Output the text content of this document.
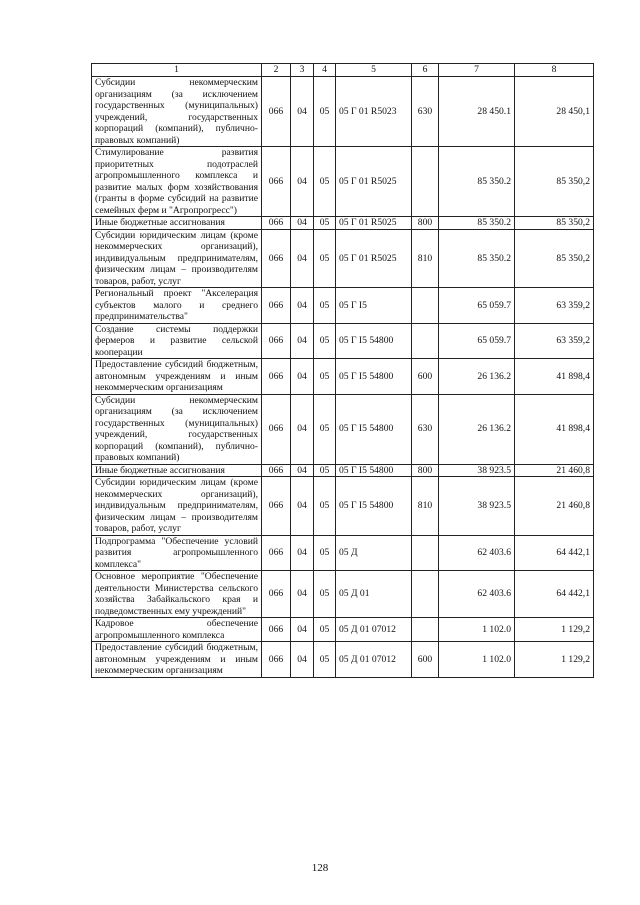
1	2	3	4	5	6	7	8
Субсидии некоммерческим организациям (за исключением государственных (муниципальных) учреждений, государственных корпораций (компаний), публично-правовых компаний)	066	04	05	05 Г 01 R5023	630	28 450.1	28 450,1
Стимулирование развития приоритетных подотраслей агропромышленного комплекса и развитие малых форм хозяйствования (гранты в форме субсидий на развитие семейных ферм и "Агропрогресс")	066	04	05	05 Г 01 R5025		85 350.2	85 350,2
Иные бюджетные ассигнования	066	04	05	05 Г 01 R5025	800	85 350.2	85 350,2
Субсидии юридическим лицам (кроме некоммерческих организаций), индивидуальным предпринимателям, физическим лицам – производителям товаров, работ, услуг	066	04	05	05 Г 01 R5025	810	85 350.2	85 350,2
Региональный проект "Акселерация субъектов малого и среднего предпринимательства"	066	04	05	05 Г I5		65 059.7	63 359,2
Создание системы поддержки фермеров и развитие сельской кооперации	066	04	05	05 Г I5 54800		65 059.7	63 359,2
Предоставление субсидий бюджетным, автономным учреждениям и иным некоммерческим организациям	066	04	05	05 Г I5 54800	600	26 136.2	41 898,4
Субсидии некоммерческим организациям (за исключением государственных (муниципальных) учреждений, государственных корпораций (компаний), публично-правовых компаний)	066	04	05	05 Г I5 54800	630	26 136.2	41 898,4
Иные бюджетные ассигнования	066	04	05	05 Г I5 54800	800	38 923.5	21 460,8
Субсидии юридическим лицам (кроме некоммерческих организаций), индивидуальным предпринимателям, физическим лицам – производителям товаров, работ, услуг	066	04	05	05 Г I5 54800	810	38 923.5	21 460,8
Подпрограмма "Обеспечение условий развития агропромышленного комплекса"	066	04	05	05 Д		62 403.6	64 442,1
Основное мероприятие "Обеспечение деятельности Министерства сельского хозяйства Забайкальского края и подведомственных ему учреждений"	066	04	05	05 Д 01		62 403.6	64 442,1
Кадровое обеспечение агропромышленного комплекса	066	04	05	05 Д 01 07012		1 102.0	1 129,2
Предоставление субсидий бюджетным, автономным учреждениям и иным некоммерческим организациям	066	04	05	05 Д 01 07012	600	1 102.0	1 129,2
128
